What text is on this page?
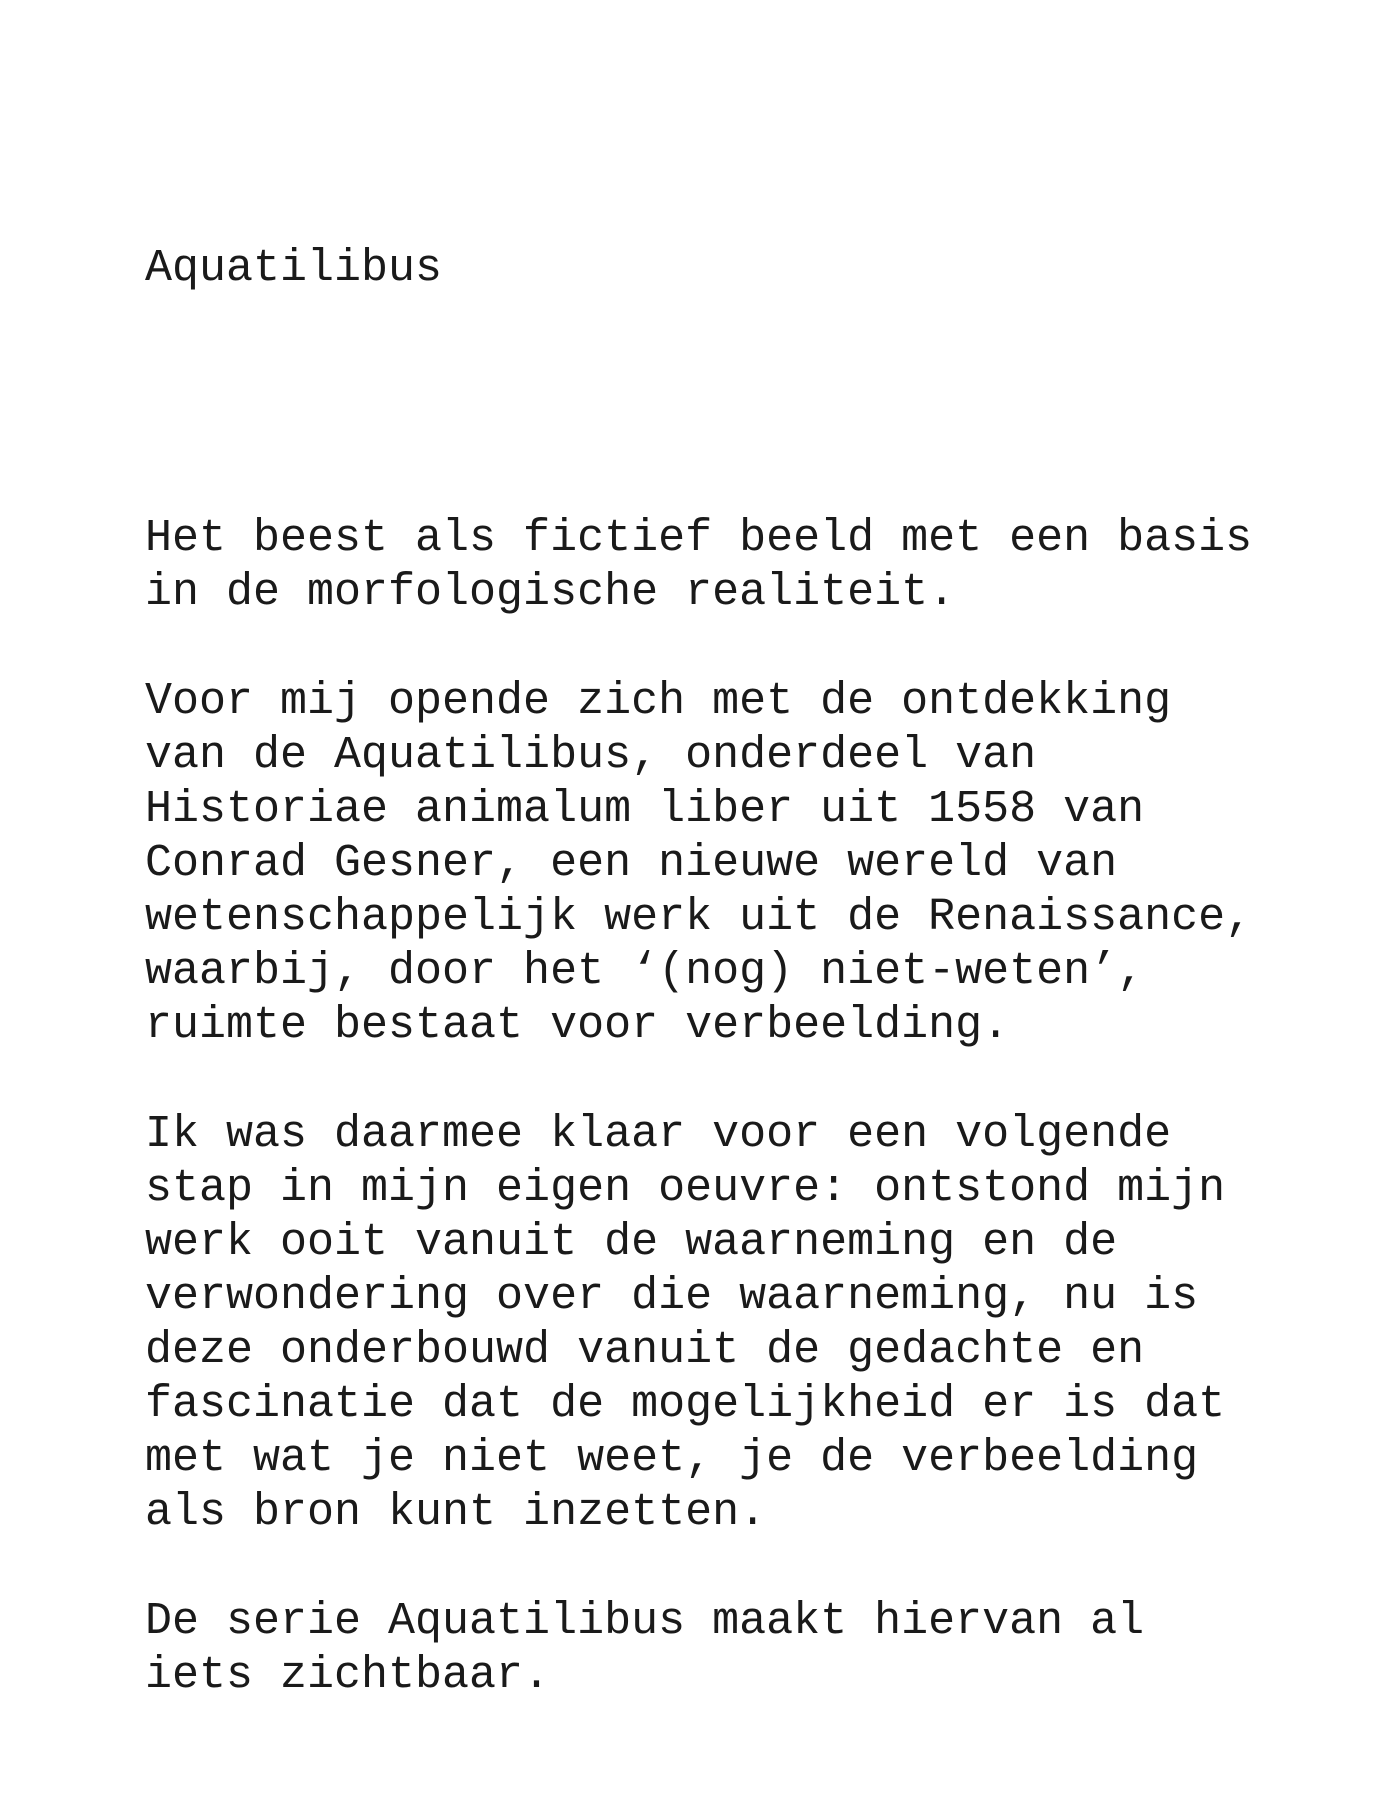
Aquatilibus

Het beest als fictief beeld met een basis
in de morfologische realiteit.

Voor mij opende zich met de ontdekking
van de Aquatilibus, onderdeel van
Historiae animalum liber uit 1558 van
Conrad Gesner, een nieuwe wereld van
wetenschappelijk werk uit de Renaissance,
waarbij, door het ‘(nog) niet-weten’,
ruimte bestaat voor verbeelding.

Ik was daarmee klaar voor een volgende
stap in mijn eigen oeuvre: ontstond mijn
werk ooit vanuit de waarneming en de
verwondering over die waarneming, nu is
deze onderbouwd vanuit de gedachte en
fascinatie dat de mogelijkheid er is dat
met wat je niet weet, je de verbeelding
als bron kunt inzetten.

De serie Aquatilibus maakt hiervan al
iets zichtbaar.
